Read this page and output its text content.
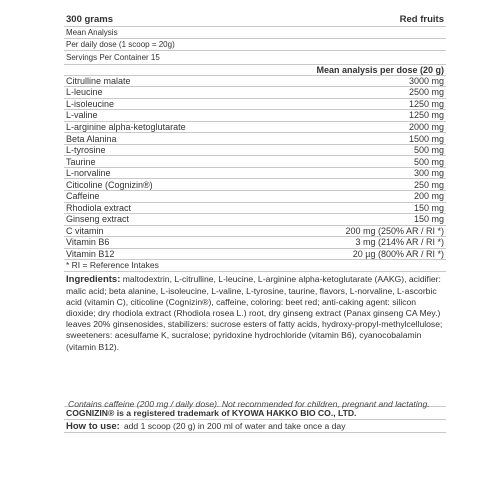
300 grams	Red fruits
Mean Analysis
Per daily dose (1 scoop = 20g)
Servings Per Container 15
Mean analysis per dose (20 g)
Citrulline malate	3000 mg
L-leucine	2500 mg
L-isoleucine	1250 mg
L-valine	1250 mg
L-arginine alpha-ketoglutarate	2000 mg
Beta Alanina	1500 mg
L-tyrosine	500 mg
Taurine	500 mg
L-norvaline	300 mg
Citicoline (Cognizin®)	250 mg
Caffeine	200 mg
Rhodiola extract	150 mg
Ginseng extract	150 mg
C vitamin	200 mg (250% AR / RI *)
Vitamin B6	3 mg (214% AR / RI *)
Vitamin B12	20 µg (800% AR / RI *)
* RI = Reference Intakes
Ingredients: maltodextrin, L-citrulline, L-leucine, L-arginine alpha-ketoglutarate (AAKG), acidifier: malic acid; beta alanine, L-isoleucine, L-valine, L-tyrosine, taurine, flavors, L-norvaline, L-ascorbic acid (vitamin C), citicoline (Cognizin®), caffeine, coloring: beet red; anti-caking agent: silicon dioxide; dry rhodiola extract (Rhodiola rosea L.) root, dry ginseng extract (Panax ginseng CA Mey.) leaves 20% ginsenosides, stabilizers: sucrose esters of fatty acids, hydroxy-propyl-methylcellulose; sweeteners: acesulfame K, sucralose; pyridoxine hydrochloride (vitamin B6), cyanocobalamin (vitamin B12).
Contains caffeine (200 mg / daily dose). Not recommended for children, pregnant and lactating.
COGNIZIN® is a registered trademark of KYOWA HAKKO BIO CO., LTD.
How to use: add 1 scoop (20 g) in 200 ml of water and take once a day
